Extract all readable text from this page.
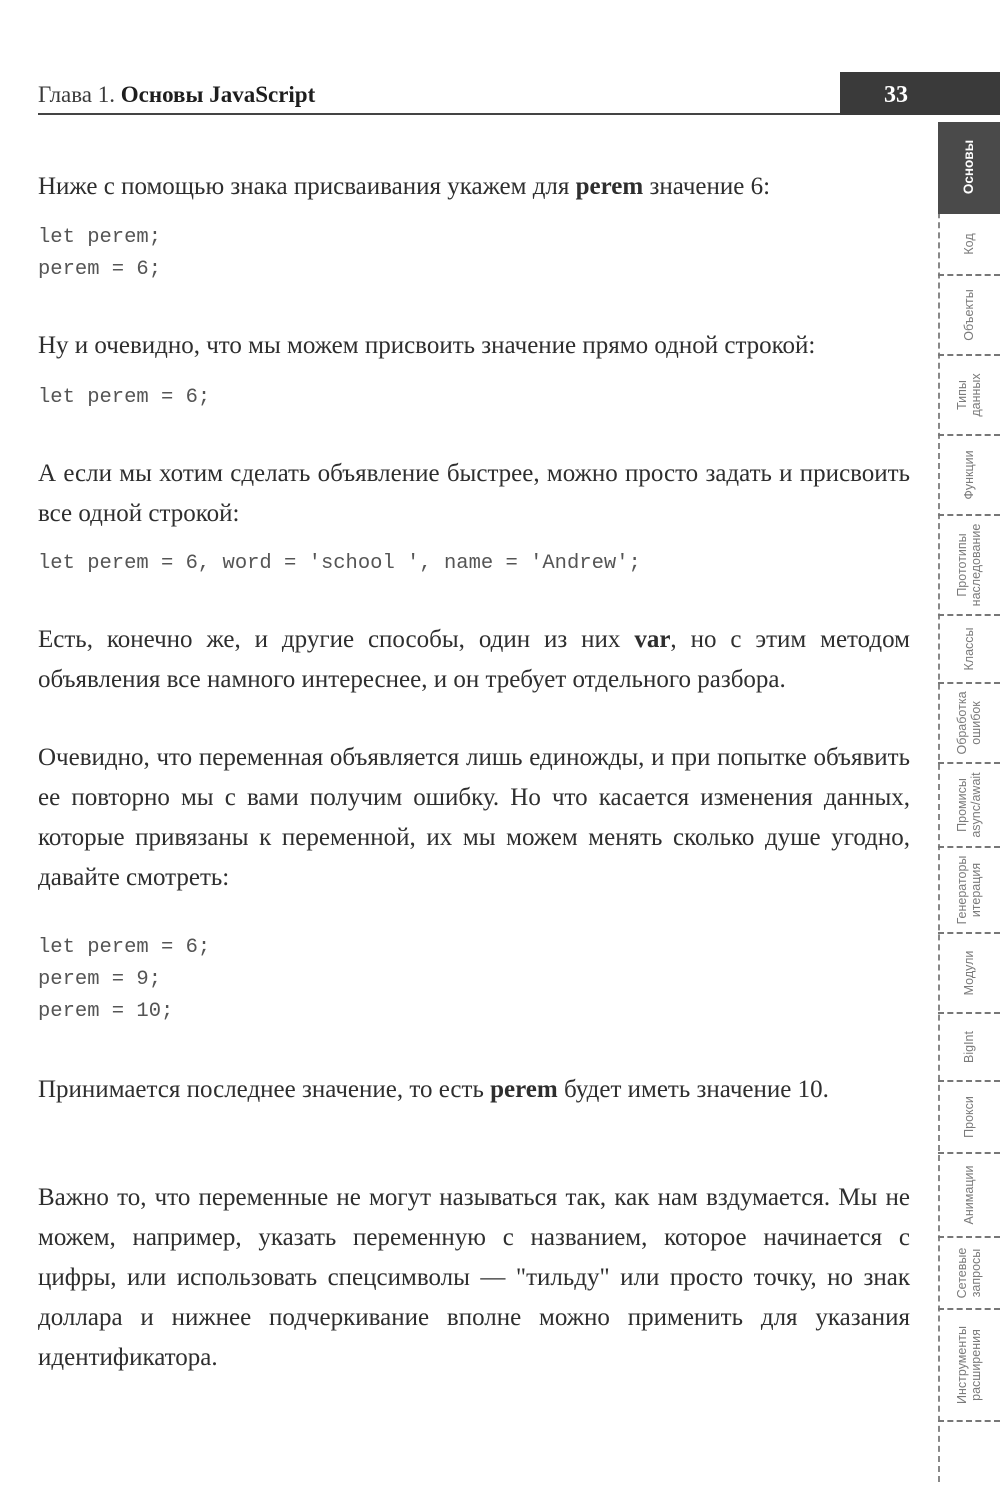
Глава 1. Основы JavaScript	33

Ниже с помощью знака присваивания укажем для perem значение 6:

let perem;
perem = 6;

Ну и очевидно, что мы можем присвоить значение прямо одной строкой:

let perem = 6;

А если мы хотим сделать объявление быстрее, можно просто задать и присвоить все одной строкой:

let perem = 6, word = 'school ', name = 'Andrew';

Есть, конечно же, и другие способы, один из них var, но с этим методом объявления все намного интереснее, и он требует отдельного разбора.

Очевидно, что переменная объявляется лишь единожды, и при попытке объявить ее повторно мы с вами получим ошибку. Но что касается изменения данных, которые привязаны к переменной, их мы можем менять сколько душе угодно, давайте смотреть:

let perem = 6;
perem = 9;
perem = 10;

Принимается последнее значение, то есть perem будет иметь значение 10.

Важно то, что переменные не могут называться так, как нам вздумается. Мы не можем, например, указать переменную с названием, которое начинается с цифры, или использовать спецсимволы — "тильду" или просто точку, но знак доллара и нижнее подчеркивание вполне можно применить для указания идентификатора.

Основы
Код
Объекты
Типы
данных
Функции
Прототипы
наследование
Классы
Обработка
ошибок
Промисы
async/await
Генераторы
итерация
Модули
BigInt
Прокси
Анимации
Сетевые
запросы
Инструменты
расширения
